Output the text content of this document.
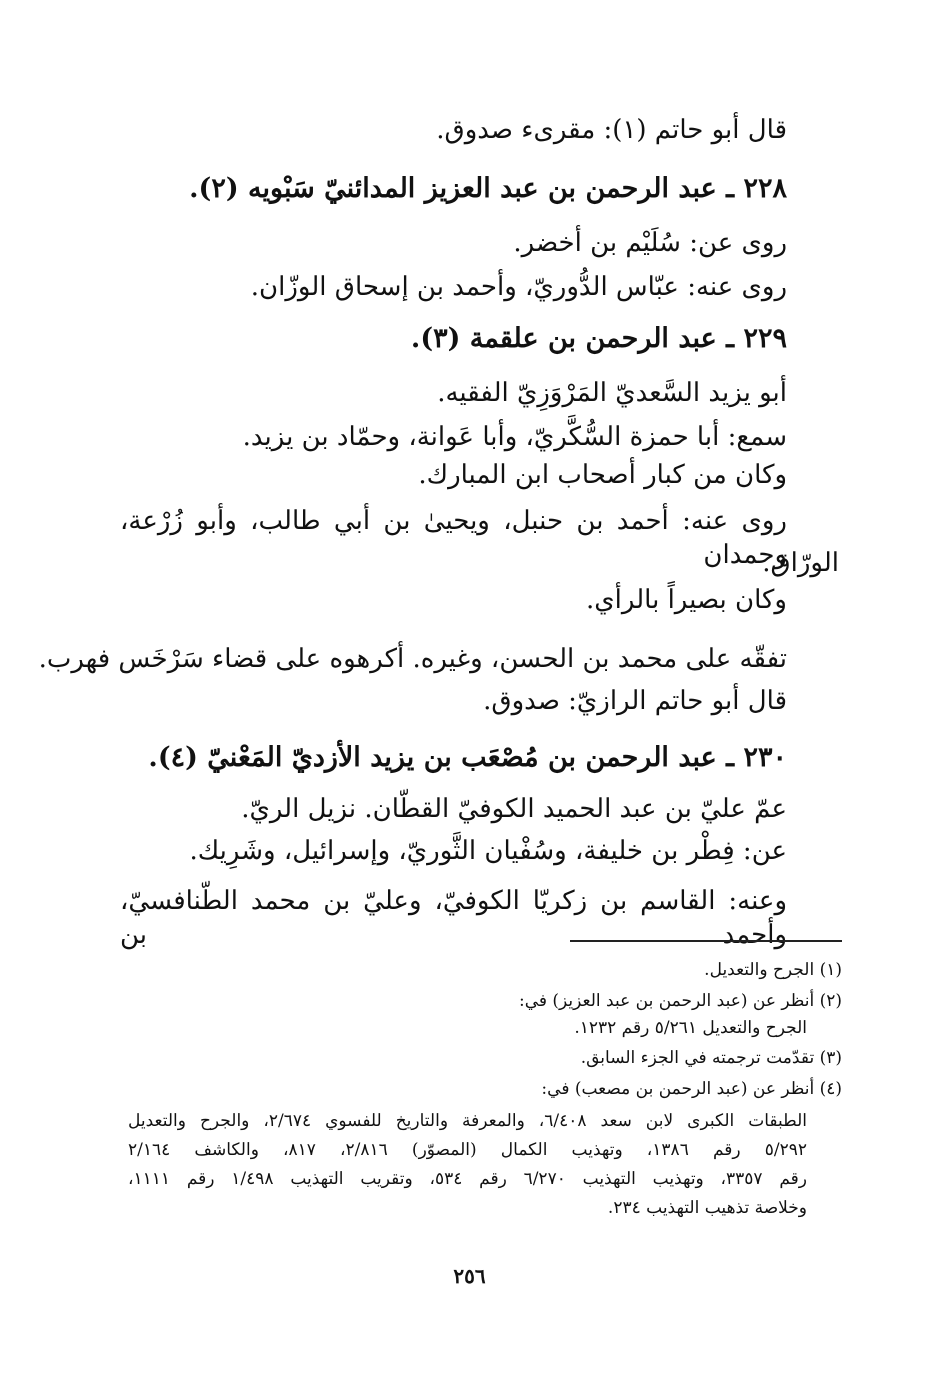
قال أبو حاتم (١): مقرىء صدوق.
٢٢٨ ـ عبد الرحمن بن عبد العزيز المدائنيّ سَبْويه (٢).
روى عن: سُلَيْم بن أخضر.
روى عنه: عبّاس الدُّوريّ، وأحمد بن إسحاق الوزّان.
٢٢٩ ـ عبد الرحمن بن علقمة (٣).
أبو يزيد السَّعديّ المَرْوَزِيّ الفقيه.
سمع: أبا حمزة السُّكَّريّ، وأبا عَوانة، وحمّاد بن يزيد.
وكان من كبار أصحاب ابن المبارك.
روى عنه: أحمد بن حنبل، ويحيىٰ بن أبي طالب، وأبو زُرْعة، وحمدان
الورّاق.
وكان بصيراً بالرأي.
تفقّه على محمد بن الحسن، وغيره. أكرهوه على قضاء سَرْخَس فهرب.
قال أبو حاتم الرازيّ: صدوق.
٢٣٠ ـ عبد الرحمن بن مُصْعَب بن يزيد الأزديّ المَعْنيّ (٤).
عمّ عليّ بن عبد الحميد الكوفيّ القطّان. نزيل الريّ.
عن: فِطْر بن خليفة، وسُفْيان الثَّوريّ، وإسرائيل، وشَرِيك.
وعنه: القاسم بن زكريّا الكوفيّ، وعليّ بن محمد الطّنافسيّ، وأحمد بن
(١) الجرح والتعديل.
(٢) أنظر عن (عبد الرحمن بن عبد العزيز) في:
الجرح والتعديل ٥/٢٦١ رقم ١٢٣٢.
(٣) تقدّمت ترجمته في الجزء السابق.
(٤) أنظر عن (عبد الرحمن بن مصعب) في:
الطبقات الكبرى لابن سعد ٦/٤٠٨، والمعرفة والتاريخ للفسوي ٢/٦٧٤، والجرح والتعديل
٥/٢٩٢ رقم ١٣٨٦، وتهذيب الكمال (المصوّر) ٢/٨١٦، ٨١٧، والكاشف ٢/١٦٤
رقم ٣٣٥٧، وتهذيب التهذيب ٦/٢٧٠ رقم ٥٣٤، وتقريب التهذيب ١/٤٩٨ رقم ١١١١،
وخلاصة تذهيب التهذيب ٢٣٤.
٢٥٦
